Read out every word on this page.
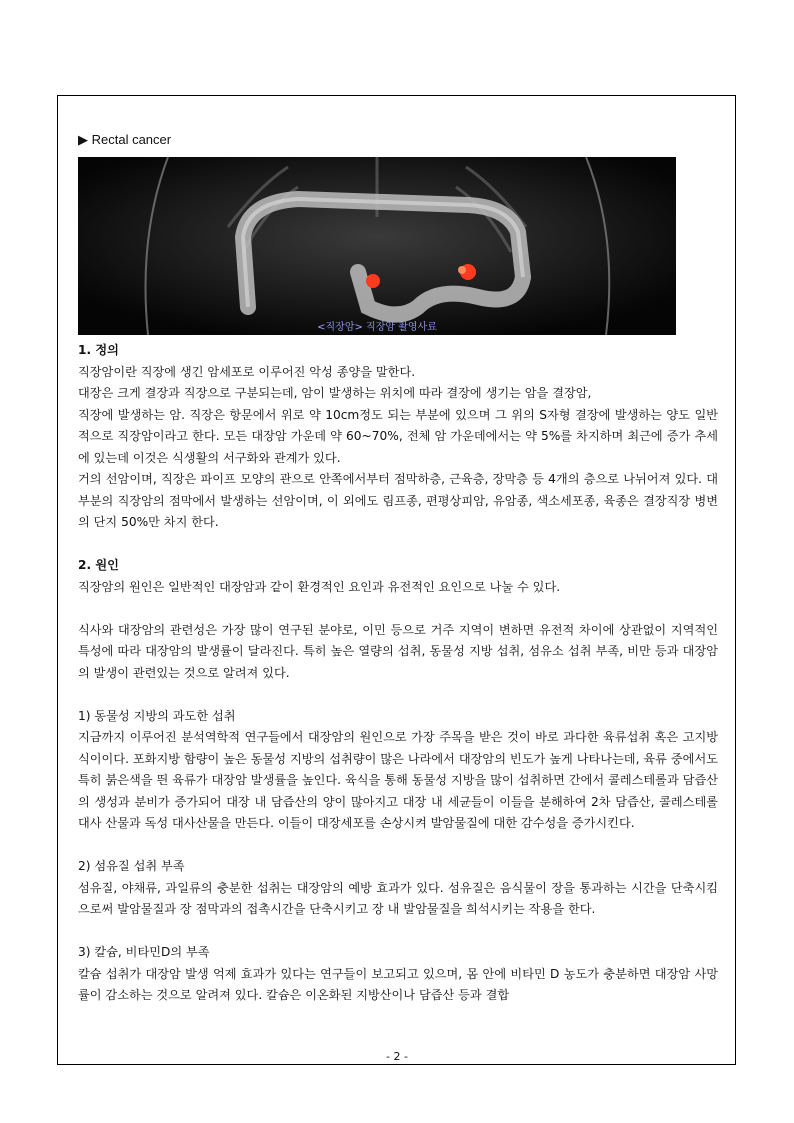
▶ Rectal cancer
<직장암> 직장암 촬영사료

1. 정의

직장암이란 직장에 생긴 암세포로 이루어진 악성 종양을 말한다.

대장은 크게 결장과 직장으로 구분되는데, 암이 발생하는 위치에 따라 결장에 생기는 암을 결장암,

직장에 발생하는 암. 직장은 항문에서 위로 약 10cm정도 되는 부분에 있으며 그 위의 S자형 결장에 발생하는 양도 일반적으로 직장암이라고 한다. 모든 대장암 가운데 약 60~70%, 전체 암 가운데에서는 약 5%를 차지하며 최근에 증가 추세에 있는데 이것은 식생활의 서구화와 관계가 있다.

거의 선암이며, 직장은 파이프 모양의 관으로 안쪽에서부터 점막하층, 근육층, 장막층 등 4개의 층으로 나뉘어져 있다. 대부분의 직장암의 점막에서 발생하는 선암이며, 이 외에도 림프종, 편평상피암, 유암종, 색소세포종, 육종은 결장직장 병변의 단지 50%만 차지 한다.

2. 원인

직장암의 원인은 일반적인 대장암과 같이 환경적인 요인과 유전적인 요인으로 나눌 수 있다.

식사와 대장암의 관련성은 가장 많이 연구된 분야로, 이민 등으로 거주 지역이 변하면 유전적 차이에 상관없이 지역적인 특성에 따라 대장암의 발생률이 달라진다. 특히 높은 열량의 섭취, 동물성 지방 섭취, 섬유소 섭취 부족, 비만 등과 대장암의 발생이 관련있는 것으로 알려져 있다.

1) 동물성 지방의 과도한 섭취

지금까지 이루어진 분석역학적 연구들에서 대장암의 원인으로 가장 주목을 받은 것이 바로 과다한 육류섭취 혹은 고지방식이이다. 포화지방 함량이 높은 동물성 지방의 섭취량이 많은 나라에서 대장암의 빈도가 높게 나타나는데, 육류 중에서도 특히 붉은색을 띈 육류가 대장암 발생률을 높인다. 육식을 통해 동물성 지방을 많이 섭취하면 간에서 콜레스테롤과 담즙산의 생성과 분비가 증가되어 대장 내 담즙산의 양이 많아지고 대장 내 세균들이 이들을 분해하여 2차 담즙산, 콜레스테롤 대사 산물과 독성 대사산물을 만든다. 이들이 대장세포를 손상시켜 발암물질에 대한 감수성을 증가시킨다.

2) 섬유질 섭취 부족

섬유질, 야채류, 과일류의 충분한 섭취는 대장암의 예방 효과가 있다. 섬유질은 음식물이 장을 통과하는 시간을 단축시킴으로써 발암물질과 장 점막과의 접촉시간을 단축시키고 장 내 발암물질을 희석시키는 작용을 한다.

3) 칼슘, 비타민D의 부족

칼슘 섭취가 대장암 발생 억제 효과가 있다는 연구들이 보고되고 있으며, 몸 안에 비타민 D 농도가 충분하면 대장암 사망률이 감소하는 것으로 알려져 있다. 칼슘은 이온화된 지방산이나 담즙산 등과 결합

- 2 -
